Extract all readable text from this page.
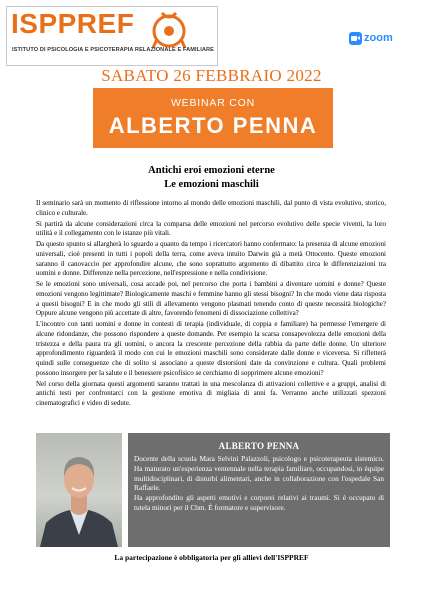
ISPPREF
ISTITUTO DI PSICOLOGIA E PSICOTERAPIA RELAZIONALE E FAMILIARE
zoom
SABATO 26 FEBBRAIO 2022
WEBINAR CON
ALBERTO PENNA
Antichi eroi emozioni eterne
Le emozioni maschili

Il seminario sarà un momento di riflessione intorno al mondo delle emozioni maschili, dal punto di vista evolutivo, storico, clinico e culturale.

Si partirà da alcune considerazioni circa la comparsa delle emozioni nel percorso evolutivo delle specie viventi, la loro utilità e il collegamento con le istanze più vitali.

Da questo spunto si allargherà lo sguardo a quanto da tempo i ricercatori hanno confermato: la presenza di alcune emozioni universali, cioè presenti in tutti i popoli della terra, come aveva intuito Darwin già a metà Ottocento. Queste emozioni saranno il canovaccio per approfondire alcune, che sono soprattutto argomento di dibattito circa le differenziazioni tra uomini e donne. Differenze nella percezione, nell'espressione e nella condivisione.

Se le emozioni sono universali, cosa accade poi, nel percorso che porta i bambini a diventare uomini e donne? Queste emozioni vengono legittimate? Biologicamente maschi e femmine hanno gli stessi bisogni? In che modo viene data risposta a questi bisogni? E in che modo gli stili di allevamento vengono plasmati tenendo conto di queste necessità biologiche? Oppure alcune vengono più accettate di altre, favorendo fenomeni di dissociazione collettiva?

L'incontro con tanti uomini e donne in contesti di terapia (individuale, di coppia e familiare) ha permesse l'emergere di alcune ridondanze, che possono rispondere a queste domande. Per esempio la scarsa consapevolezza delle emozioni della tristezza e della paura tra gli uomini, o ancora la crescente percezione della rabbia da parte delle donne. Un ulteriore approfondimento riguarderà il modo con cui le emozioni maschili sono considerate dalle donne e viceversa. Si rifletterà quindi sulle conseguenze che di solito si associano a queste distorsioni date da convinzione e cultura. Quali problemi possono insorgere per la salute e il benessere psicofisico se cerchiamo di sopprimere alcune emozioni?

Nel corso della giornata questi argomenti saranno trattati in una mescolanza di attivazioni collettive e a gruppi, analisi di antichi testi per confrontarci con la gestione emotiva di migliaia di anni fa. Verranno anche utilizzati spezzoni cinematografici e video di sedute.

ALBERTO PENNA

Docente della scuola Mara Selvini Palazzoli, psicologo e psicoterapeuta sistemico. Ha maturato un'esperienza ventennale nella terapia familiare, occupandosi, in équipe multidisciplinari, di disturbi alimentari, anche in collaborazione con l'ospedale San Raffaele.

Ha approfondito gli aspetti emotivi e corporei relativi ai traumi. Si è occupato di tutela minori per il Cbm. È formatore e supervisore.

La partecipazione è obbligatoria per gli allievi dell'ISPPREF
